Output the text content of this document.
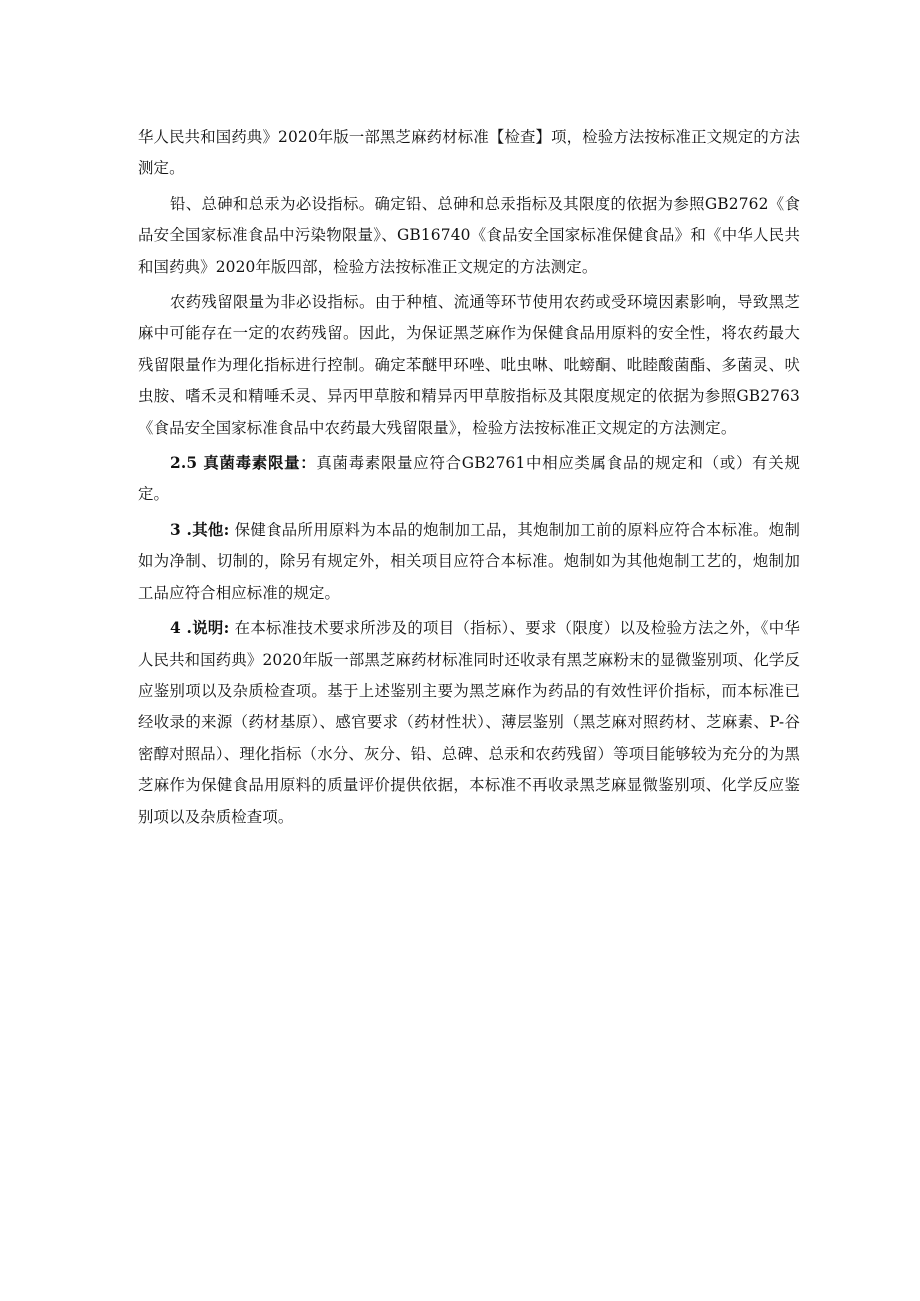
华人民共和国药典》2020年版一部黑芝麻药材标准【检查】项，检验方法按标准正文规定的方法测定。

铅、总砷和总汞为必设指标。确定铅、总砷和总汞指标及其限度的依据为参照GB2762《食品安全国家标准食品中污染物限量》、GB16740《食品安全国家标准保健食品》和《中华人民共和国药典》2020年版四部，检验方法按标准正文规定的方法测定。

农药残留限量为非必设指标。由于种植、流通等环节使用农药或受环境因素影响，导致黑芝麻中可能存在一定的农药残留。因此，为保证黑芝麻作为保健食品用原料的安全性，将农药最大残留限量作为理化指标进行控制。确定苯醚甲环唑、吡虫啉、吡螃酮、吡睦酸菌酯、多菌灵、吠虫胺、嗜禾灵和精唾禾灵、异丙甲草胺和精异丙甲草胺指标及其限度规定的依据为参照GB2763《食品安全国家标准食品中农药最大残留限量》，检验方法按标准正文规定的方法测定。

2.5 真菌毒素限量：真菌毒素限量应符合GB2761中相应类属食品的规定和（或）有关规定。

3 .其他: 保健食品所用原料为本品的炮制加工品，其炮制加工前的原料应符合本标准。炮制如为净制、切制的，除另有规定外，相关项目应符合本标准。炮制如为其他炮制工艺的，炮制加工品应符合相应标准的规定。

4 .说明: 在本标准技术要求所涉及的项目（指标）、要求（限度）以及检验方法之外，《中华人民共和国药典》2020年版一部黑芝麻药材标准同时还收录有黑芝麻粉末的显微鉴别项、化学反应鉴别项以及杂质检查项。基于上述鉴别主要为黑芝麻作为药品的有效性评价指标，而本标准已经收录的来源（药材基原）、感官要求（药材性状）、薄层鉴别（黑芝麻对照药材、芝麻素、P-谷密醇对照品）、理化指标（水分、灰分、铅、总碑、总汞和农药残留）等项目能够较为充分的为黑芝麻作为保健食品用原料的质量评价提供依据，本标准不再收录黑芝麻显微鉴别项、化学反应鉴别项以及杂质检查项。
